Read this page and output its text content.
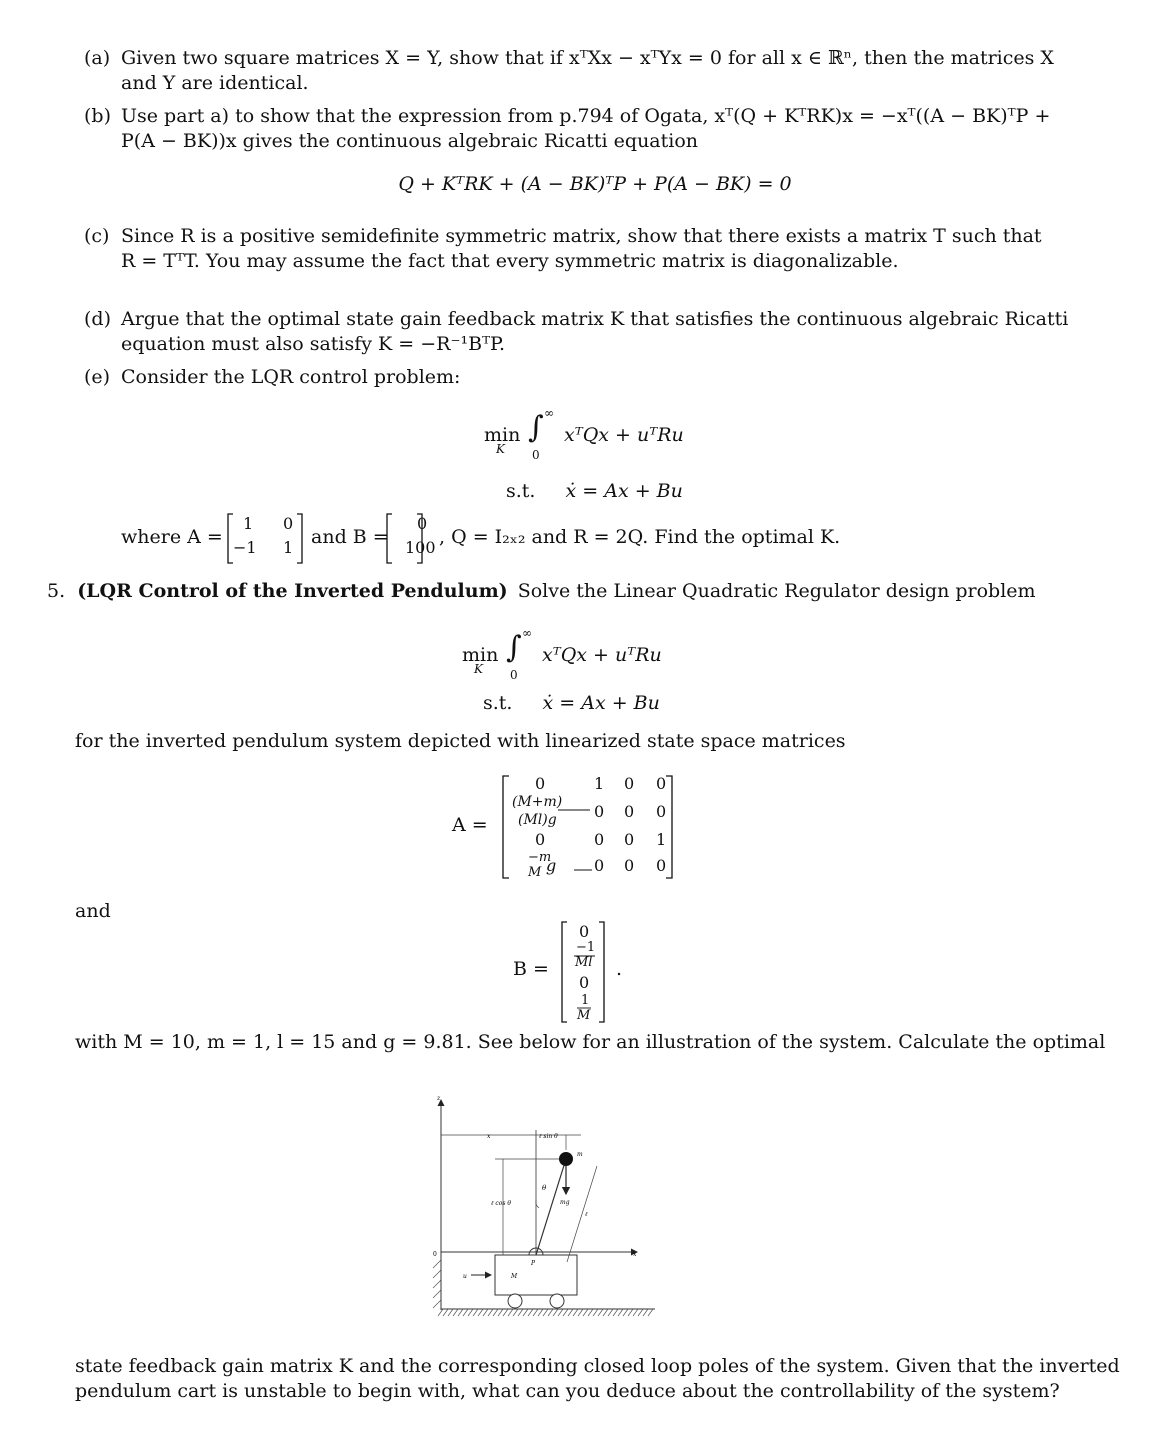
(a) Given two square matrices X = Y, show that if xᵀXx − xᵀYx = 0 for all x ∈ ℝⁿ, then the matrices X
and Y are identical.
(b) Use part a) to show that the expression from p.794 of Ogata, xᵀ(Q + KᵀRK)x = −xᵀ((A − BK)ᵀP +
P(A − BK))x gives the continuous algebraic Ricatti equation
Q + KᵀRK + (A − BK)ᵀP + P(A − BK) = 0
(c) Since R is a positive semidefinite symmetric matrix, show that there exists a matrix T such that
R = TᵀT. You may assume the fact that every symmetric matrix is diagonalizable.
(d) Argue that the optimal state gain feedback matrix K that satisfies the continuous algebraic Ricatti
equation must also satisfy K = −R⁻¹BᵀP.
(e) Consider the LQR control problem:
min
K
∫ ∞
0
xᵀQx + uᵀRu
s.t. ẋ = Ax + Bu
where A =
1 0
−1 1 and B =
0
100 , Q = I₂ₓ₂ and R = 2Q. Find the optimal K.
5. (LQR Control of the Inverted Pendulum) Solve the Linear Quadratic Regulator design problem
min
K
∫ ∞
0
xᵀQx + uᵀRu
s.t. ẋ = Ax + Bu
for the inverted pendulum system depicted with linearized state space matrices
A =
0
(M+m)
(Ml)g
0
−m
M g
1 0 0
0 0 0
0 0 1
0 0 0
and
B =
0
−1
Ml
0
1
M
.
with M = 10, m = 1, l = 15 and g = 9.81. See below for an illustration of the system. Calculate the optimal
z
x
0
P
m
mg
θ
ℓ cos θ
x	ℓ sin θ
ℓ
u	M
state feedback gain matrix K and the corresponding closed loop poles of the system. Given that the inverted
pendulum cart is unstable to begin with, what can you deduce about the controllability of the system?
